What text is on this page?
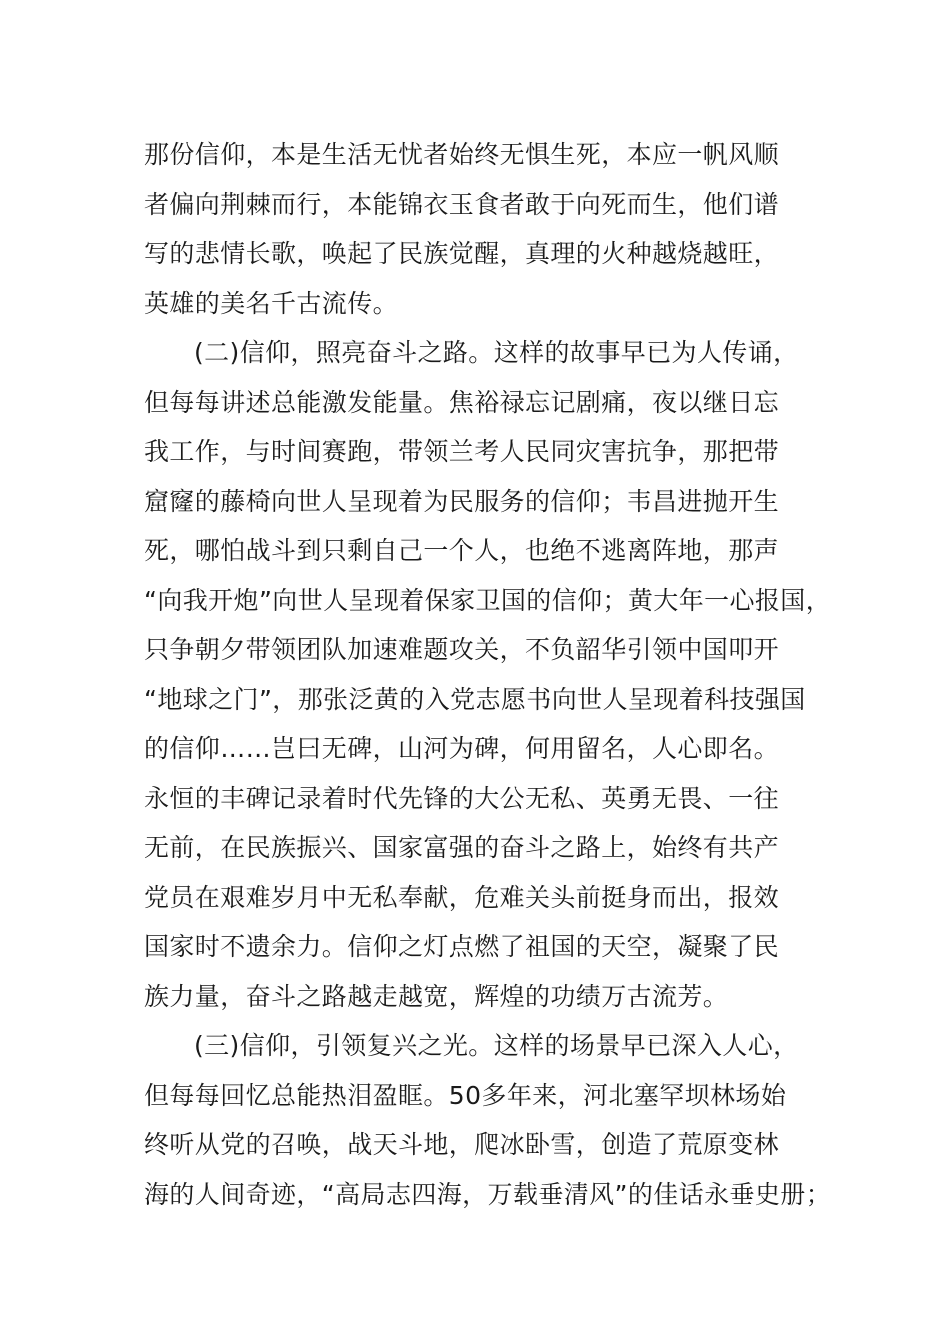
那份信仰，本是生活无忧者始终无惧生死，本应一帆风顺
者偏向荆棘而行，本能锦衣玉食者敢于向死而生，他们谱
写的悲情长歌，唤起了民族觉醒，真理的火种越烧越旺，
英雄的美名千古流传。
(二)信仰，照亮奋斗之路。这样的故事早已为人传诵，
但每每讲述总能激发能量。焦裕禄忘记剧痛，夜以继日忘
我工作，与时间赛跑，带领兰考人民同灾害抗争，那把带
窟窿的藤椅向世人呈现着为民服务的信仰；韦昌进抛开生
死，哪怕战斗到只剩自己一个人，也绝不逃离阵地，那声
“向我开炮”向世人呈现着保家卫国的信仰；黄大年一心报国，
只争朝夕带领团队加速难题攻关，不负韶华引领中国叩开
“地球之门”，那张泛黄的入党志愿书向世人呈现着科技强国
的信仰……岂曰无碑，山河为碑，何用留名，人心即名。
永恒的丰碑记录着时代先锋的大公无私、英勇无畏、一往
无前，在民族振兴、国家富强的奋斗之路上，始终有共产
党员在艰难岁月中无私奉献，危难关头前挺身而出，报效
国家时不遗余力。信仰之灯点燃了祖国的天空，凝聚了民
族力量，奋斗之路越走越宽，辉煌的功绩万古流芳。
(三)信仰，引领复兴之光。这样的场景早已深入人心，
但每每回忆总能热泪盈眶。50多年来，河北塞罕坝林场始
终听从党的召唤，战天斗地，爬冰卧雪，创造了荒原变林
海的人间奇迹，“高局志四海，万载垂清风”的佳话永垂史册；
